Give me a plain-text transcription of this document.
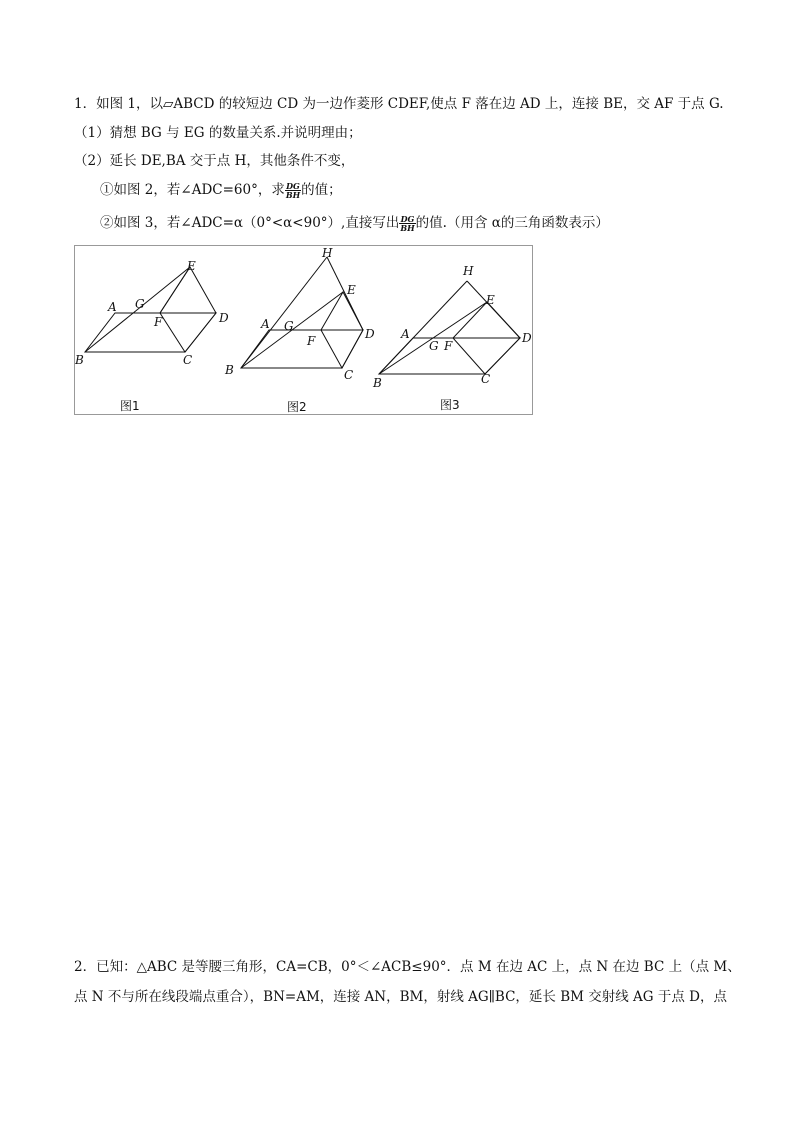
1．如图 1，以▱ABCD 的较短边 CD 为一边作菱形 CDEF,使点 F 落在边 AD 上，连接 BE，交 AF 于点 G.
（1）猜想 BG 与 EG 的数量关系.并说明理由；
（2）延长 DE,BA 交于点 H，其他条件不变，
①如图 2，若∠ADC=60°，求 $\frac{DG}{BH}$ 的值；
②如图 3，若∠ADC=α（0°<α<90°）,直接写出 $\frac{DG}{BH}$ 的值.（用含 α的三角函数表示）
A
B	C
D
E
F
G
图1
A
B	C
D
E
F
G
H
图2
A
B	C
D
E
F
G
H
图3
2．已知：△ABC 是等腰三角形，CA=CB，0°＜∠ACB≤90°．点 M 在边 AC 上，点 N 在边 BC 上（点 M、
点 N 不与所在线段端点重合），BN=AM，连接 AN，BM，射线 AG∥BC，延长 BM 交射线 AG 于点 D，点
